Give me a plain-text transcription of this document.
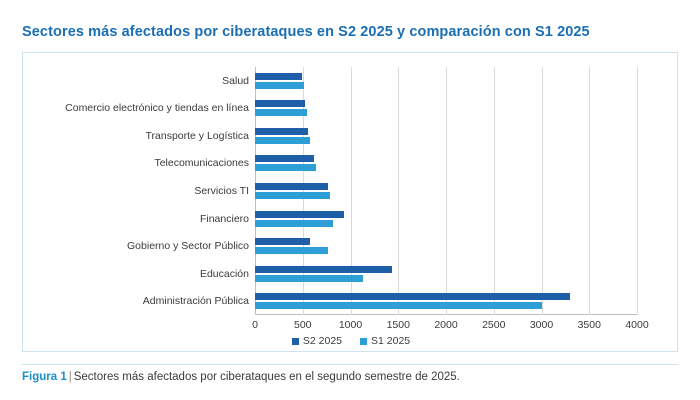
Sectores más afectados por ciberataques en S2 2025 y comparación con S1 2025
Salud
Comercio electrónico y tiendas en línea
Transporte y Logística
Telecomunicaciones
Servicios TI
Financiero
Gobierno y Sector Público
Educación
Administración Pública
0	500	1000 1500 2000 2500 3000 3500 4000
S2 2025	S1 2025
Figura 1 | Sectores más afectados por ciberataques en el segundo semestre de 2025.
